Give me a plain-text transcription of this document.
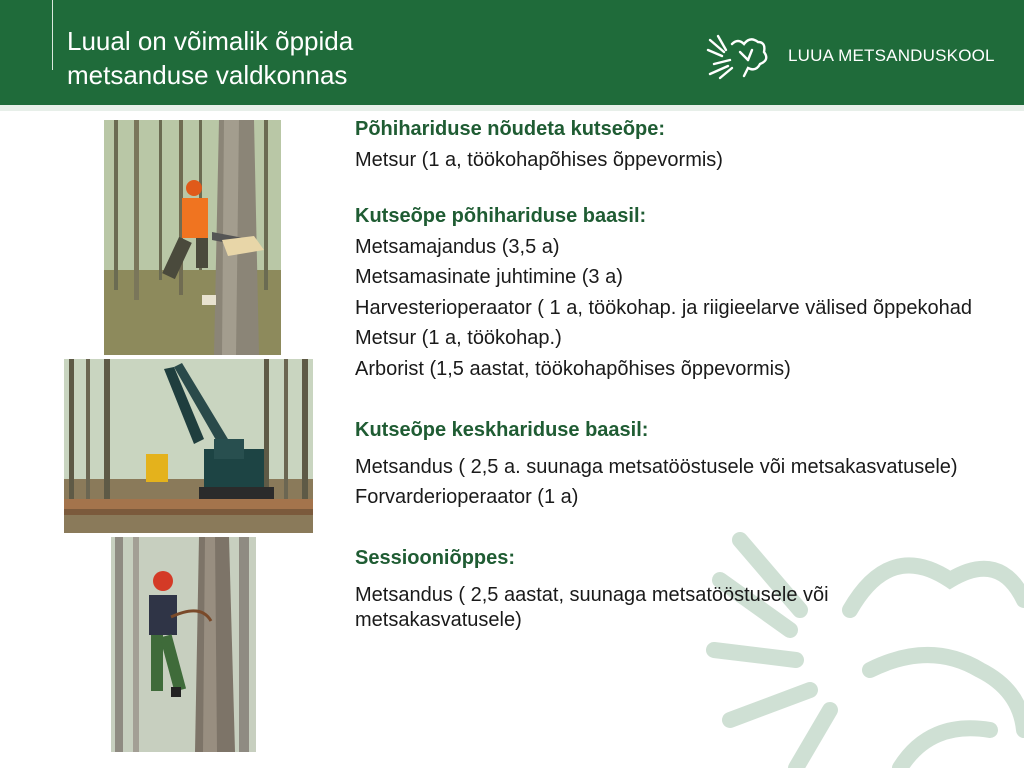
Luual on võimalik õppida
metsanduse valdkonnas
LUUA METSANDUSKOOL
Põhihariduse nõudeta kutseõpe:
Metsur (1 a, töökohapõhises õppevormis)
Kutseõpe põhihariduse baasil:
Metsamajandus (3,5 a)
Metsamasinate juhtimine (3 a)
Harvesterioperaator ( 1 a, töökohap. ja riigieelarve välised õppekohad
Metsur (1 a, töökohap.)
Arborist (1,5 aastat, töökohapõhises õppevormis)
Kutseõpe keskhariduse baasil:
Metsandus ( 2,5 a. suunaga metsatööstusele või metsakasvatusele)
Forvarderioperaator (1 a)
Sessiooniõppes:
Metsandus ( 2,5 aastat, suunaga metsatööstusele või metsakasvatusele)
